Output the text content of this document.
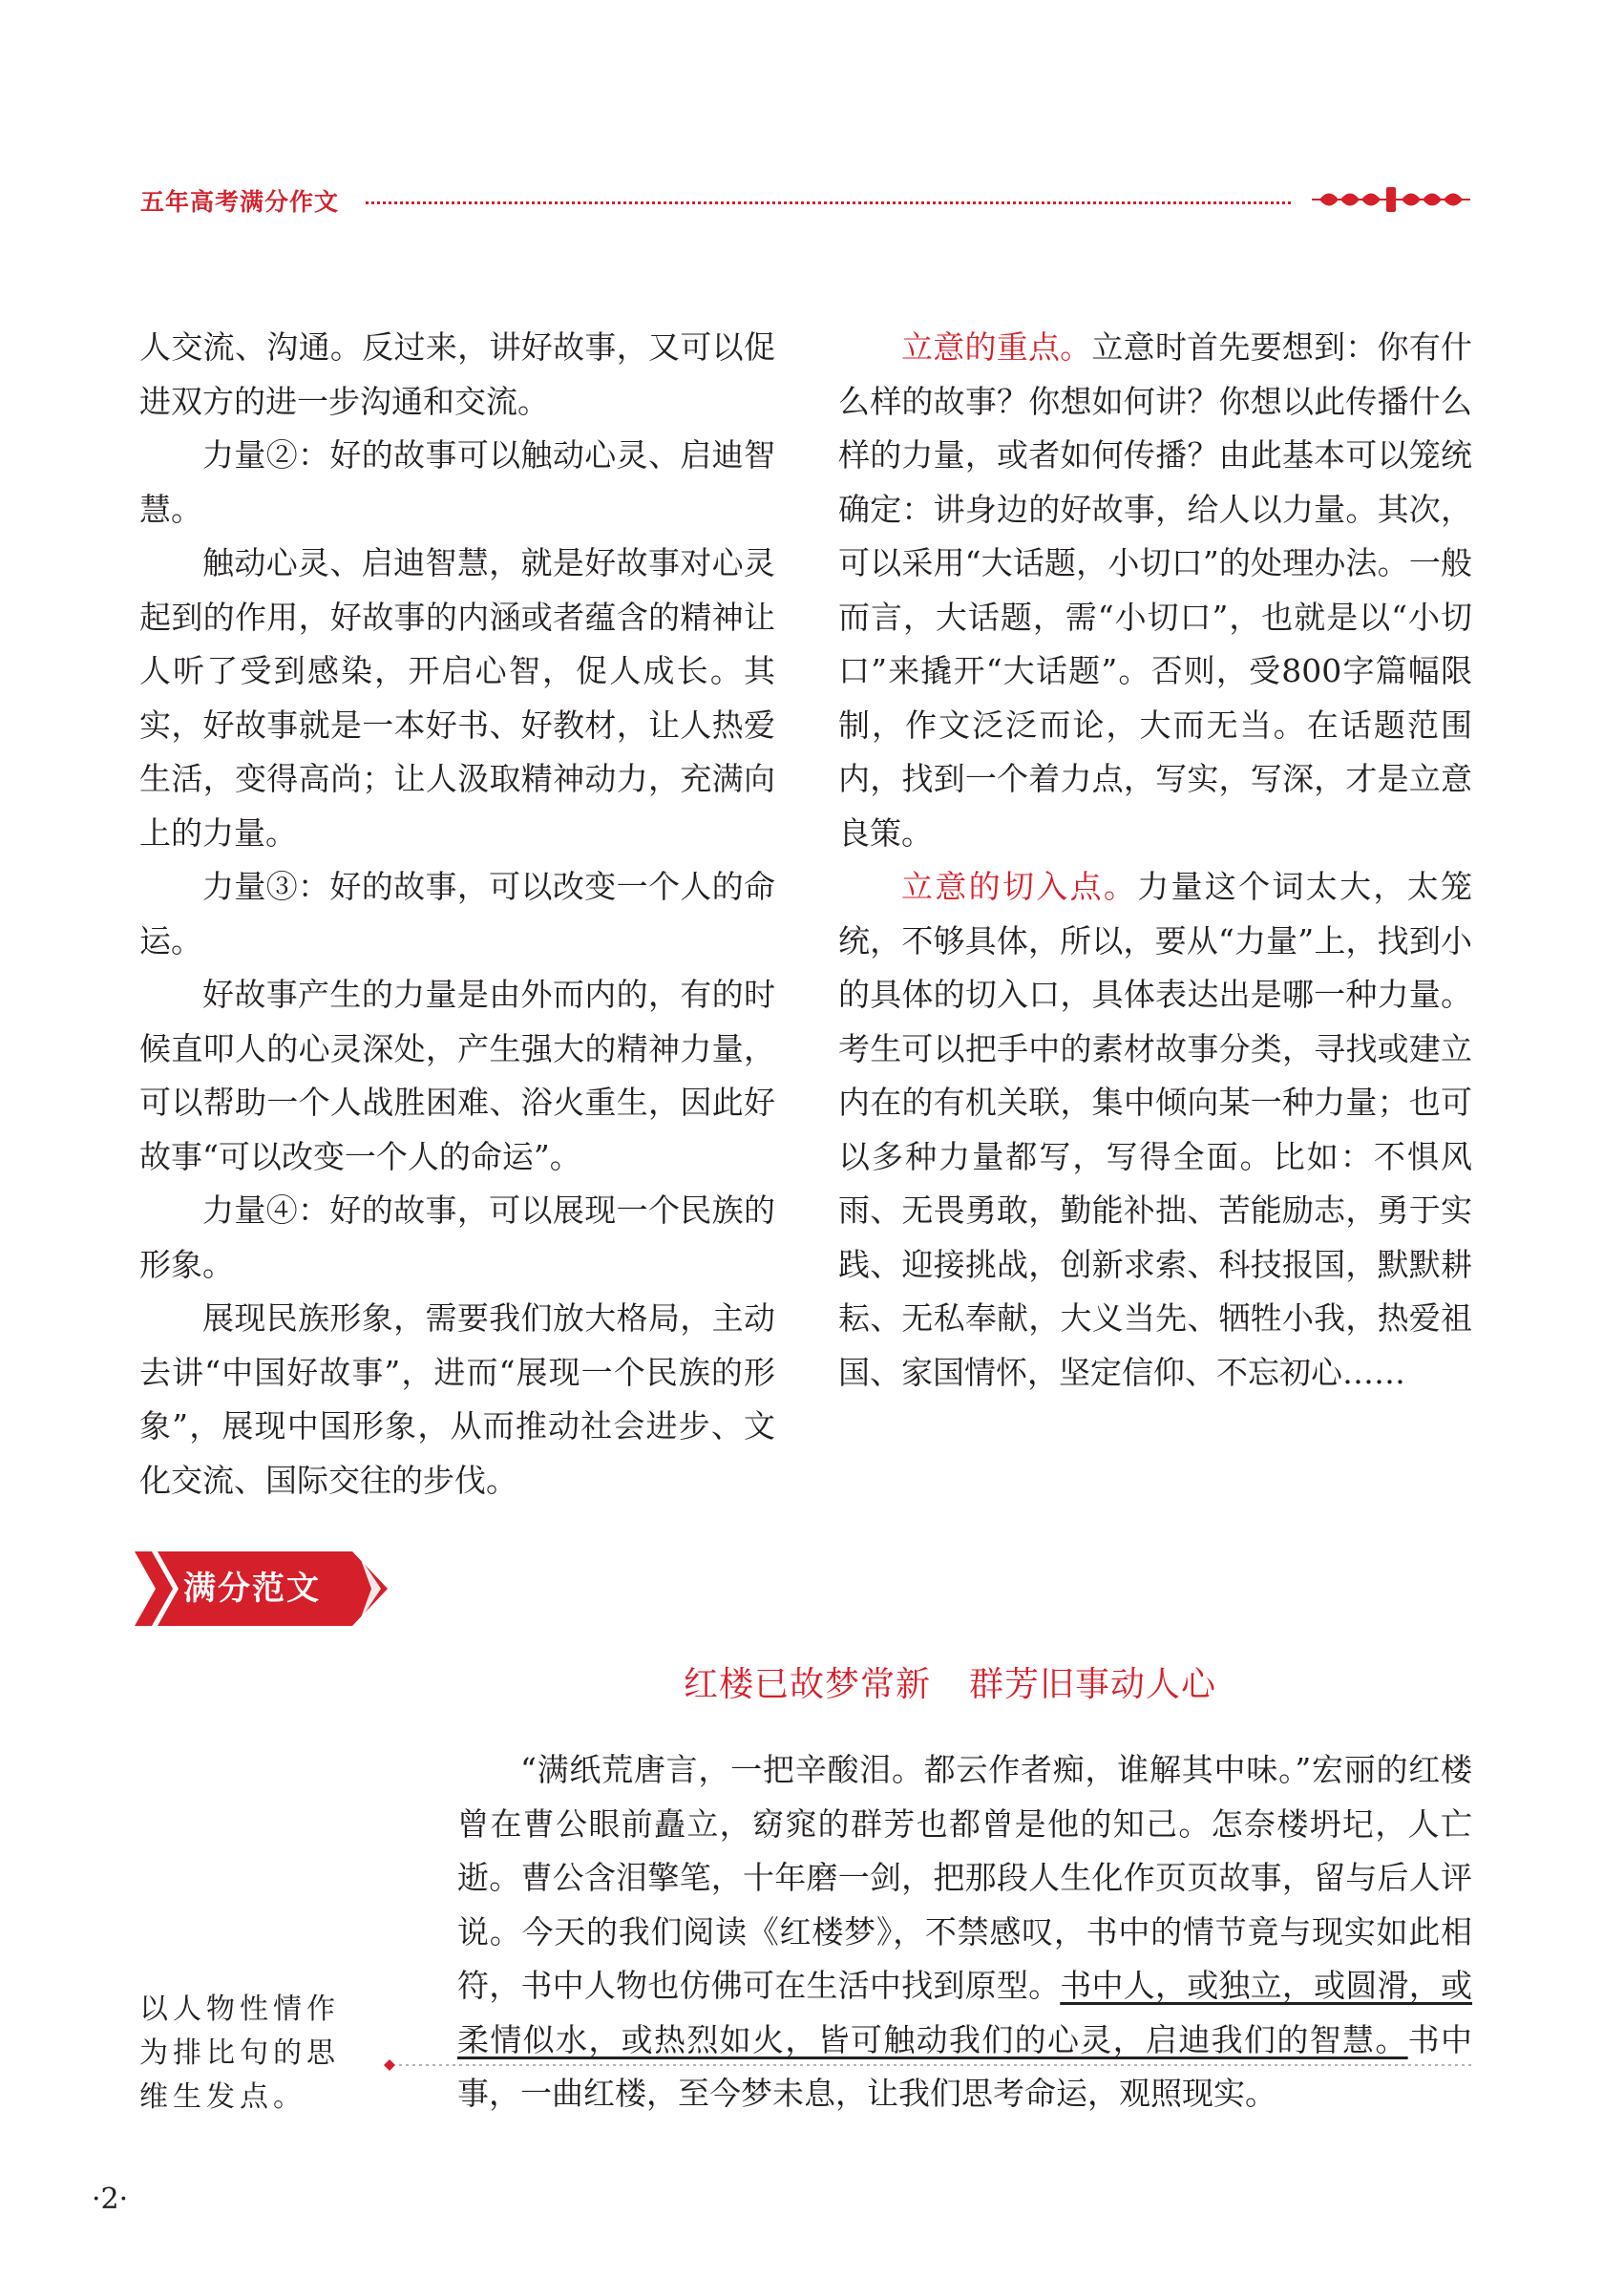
五年高考满分作文

人交流、沟通。反过来，讲好故事，又可以促进双方的进一步沟通和交流。

力量②：好的故事可以触动心灵、启迪智慧。

触动心灵、启迪智慧，就是好故事对心灵起到的作用，好故事的内涵或者蕴含的精神让人听了受到感染，开启心智，促人成长。其实，好故事就是一本好书、好教材，让人热爱生活，变得高尚；让人汲取精神动力，充满向上的力量。

力量③：好的故事，可以改变一个人的命运。

好故事产生的力量是由外而内的，有的时候直叩人的心灵深处，产生强大的精神力量，可以帮助一个人战胜困难、浴火重生，因此好故事“可以改变一个人的命运”。

力量④：好的故事，可以展现一个民族的形象。

展现民族形象，需要我们放大格局，主动去讲“中国好故事”，进而“展现一个民族的形象”，展现中国形象，从而推动社会进步、文化交流、国际交往的步伐。

立意的重点。立意时首先要想到：你有什么样的故事？你想如何讲？你想以此传播什么样的力量，或者如何传播？由此基本可以笼统确定：讲身边的好故事，给人以力量。其次，可以采用“大话题，小切口”的处理办法。一般而言，大话题，需“小切口”，也就是以“小切口”来撬开“大话题”。否则，受800字篇幅限制，作文泛泛而论，大而无当。在话题范围内，找到一个着力点，写实，写深，才是立意良策。

立意的切入点。力量这个词太大，太笼统，不够具体，所以，要从“力量”上，找到小的具体的切入口，具体表达出是哪一种力量。考生可以把手中的素材故事分类，寻找或建立内在的有机关联，集中倾向某一种力量；也可以多种力量都写，写得全面。比如：不惧风雨、无畏勇敢，勤能补拙、苦能励志，勇于实践、迎接挑战，创新求索、科技报国，默默耕耘、无私奉献，大义当先、牺牲小我，热爱祖国、家国情怀，坚定信仰、不忘初心……

满分范文
红楼已故梦常新 群芳旧事动人心

“满纸荒唐言，一把辛酸泪。都云作者痴，谁解其中味。”宏丽的红楼曾在曹公眼前矗立，窈窕的群芳也都曾是他的知己。怎奈楼坍圮，人亡逝。曹公含泪擎笔，十年磨一剑，把那段人生化作页页故事，留与后人评说。今天的我们阅读《红楼梦》，不禁感叹，书中的情节竟与现实如此相符，书中人物也仿佛可在生活中找到原型。书中人，或独立，或圆滑，或柔情似水，或热烈如火，皆可触动我们的心灵，启迪我们的智慧。书中事，一曲红楼，至今梦未息，让我们思考命运，观照现实。

以人物性情作为排比句的思维生发点。
·2·
